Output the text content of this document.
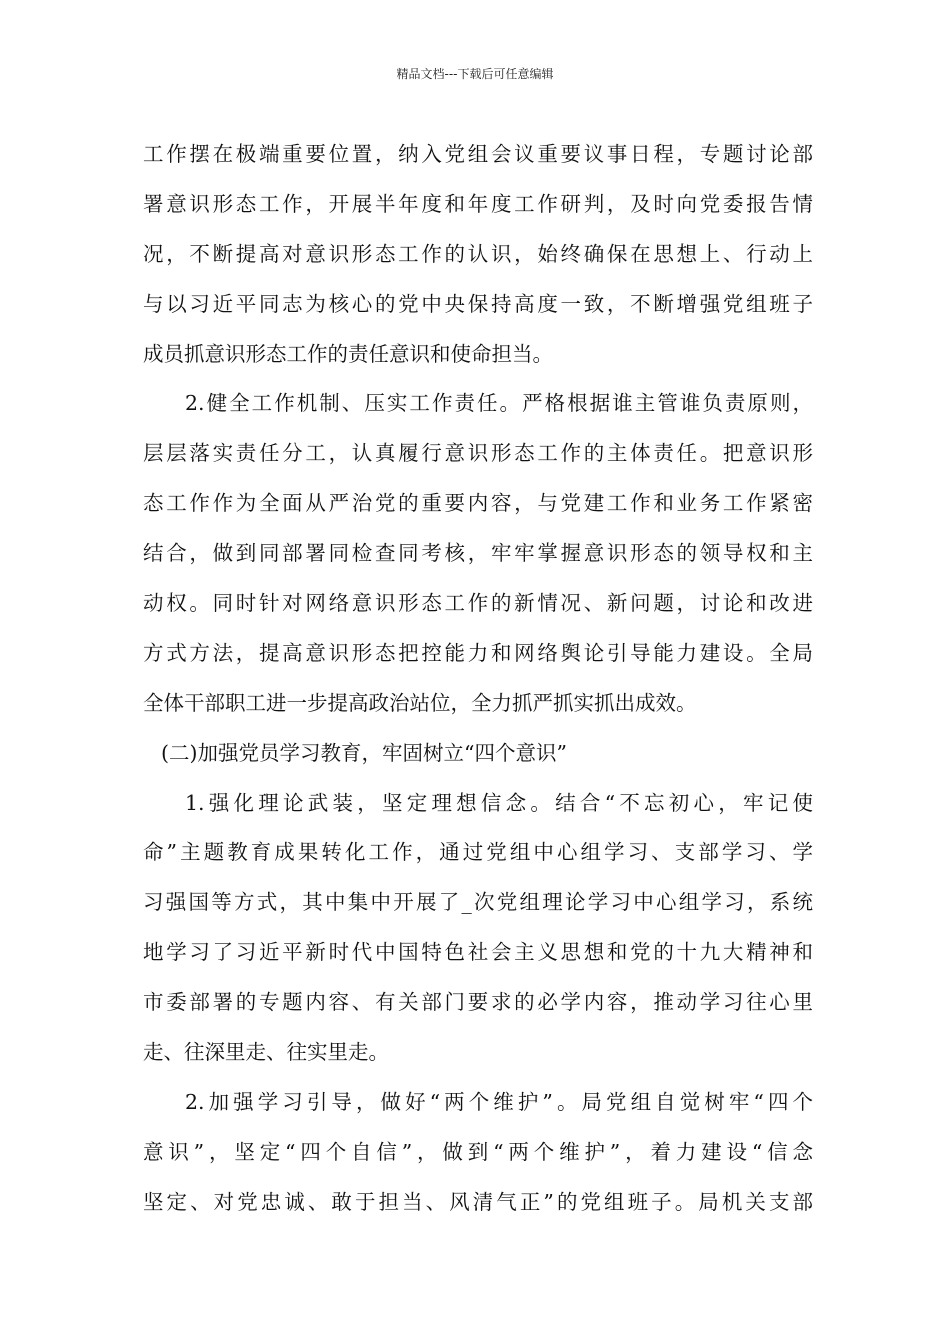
精品文档---下载后可任意编辑
工作摆在极端重要位置，纳入党组会议重要议事日程，专题讨论部
署意识形态工作，开展半年度和年度工作研判，及时向党委报告情
况，不断提高对意识形态工作的认识，始终确保在思想上、行动上
与以习近平同志为核心的党中央保持高度一致，不断增强党组班子
成员抓意识形态工作的责任意识和使命担当。
2.健全工作机制、压实工作责任。严格根据谁主管谁负责原则，
层层落实责任分工，认真履行意识形态工作的主体责任。把意识形
态工作作为全面从严治党的重要内容，与党建工作和业务工作紧密
结合，做到同部署同检查同考核，牢牢掌握意识形态的领导权和主
动权。同时针对网络意识形态工作的新情况、新问题，讨论和改进
方式方法，提高意识形态把控能力和网络舆论引导能力建设。全局
全体干部职工进一步提高政治站位，全力抓严抓实抓出成效。
(二)加强党员学习教育，牢固树立“四个意识”
1.强化理论武装，坚定理想信念。结合“不忘初心，牢记使
命”主题教育成果转化工作，通过党组中心组学习、支部学习、学
习强国等方式，其中集中开展了_次党组理论学习中心组学习，系统
地学习了习近平新时代中国特色社会主义思想和党的十九大精神和
市委部署的专题内容、有关部门要求的必学内容，推动学习往心里
走、往深里走、往实里走。
2.加强学习引导，做好“两个维护”。局党组自觉树牢“四个
意识”，坚定“四个自信”，做到“两个维护”，着力建设“信念
坚定、对党忠诚、敢于担当、风清气正”的党组班子。局机关支部
